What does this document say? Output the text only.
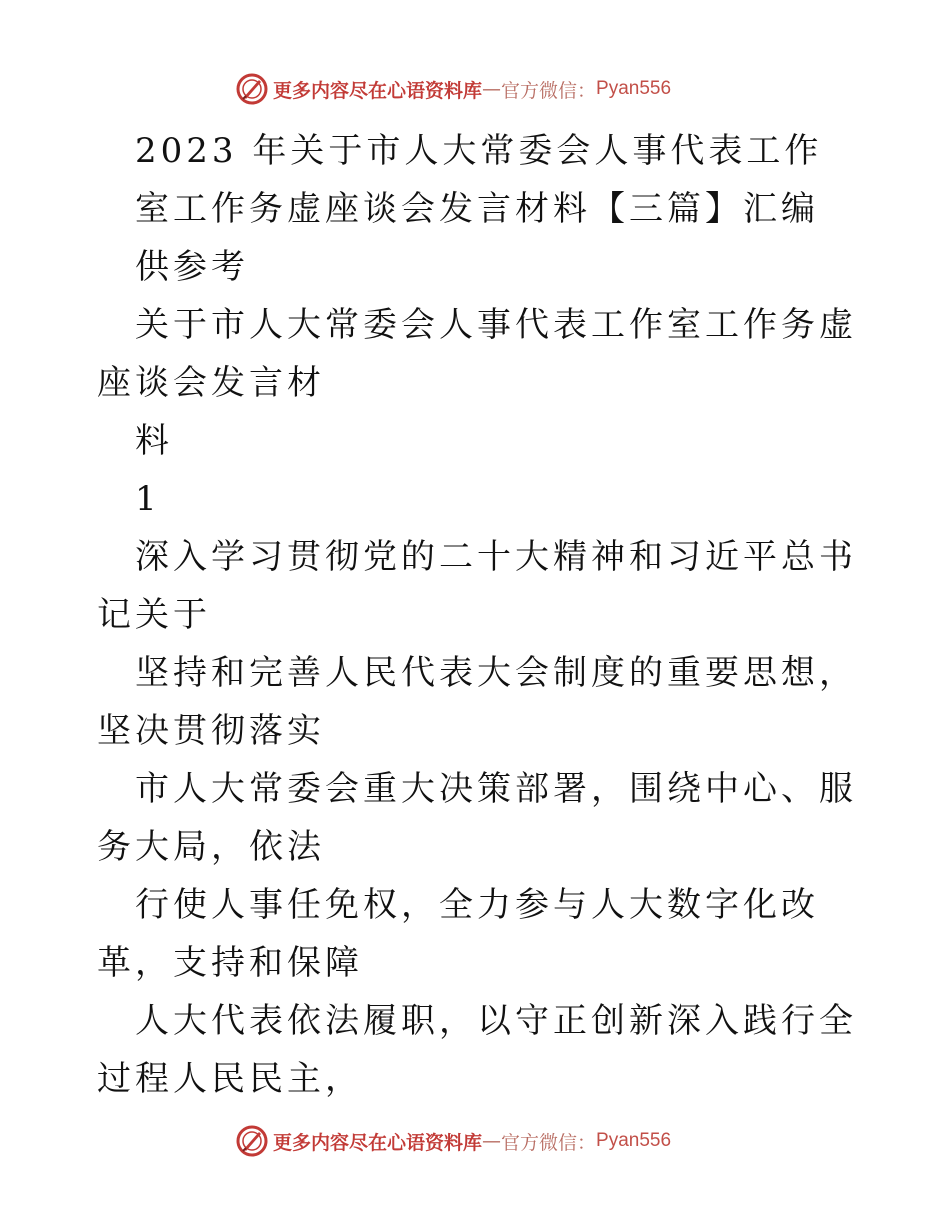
更多内容尽在心语资料库 — 官方微信： Pyan556

2023 年关于市人大常委会人事代表工作

室工作务虚座谈会发言材料【三篇】汇编

供参考

关于市人大常委会人事代表工作室工作务虚座谈会发言材

料

1

深入学习贯彻党的二十大精神和习近平总书记关于

坚持和完善人民代表大会制度的重要思想，坚决贯彻落实

市人大常委会重大决策部署，围绕中心、服务大局，依法

行使人事任免权，全力参与人大数字化改革，支持和保障

人大代表依法履职，以守正创新深入践行全过程人民民主，

更多内容尽在心语资料库 — 官方微信： Pyan556
